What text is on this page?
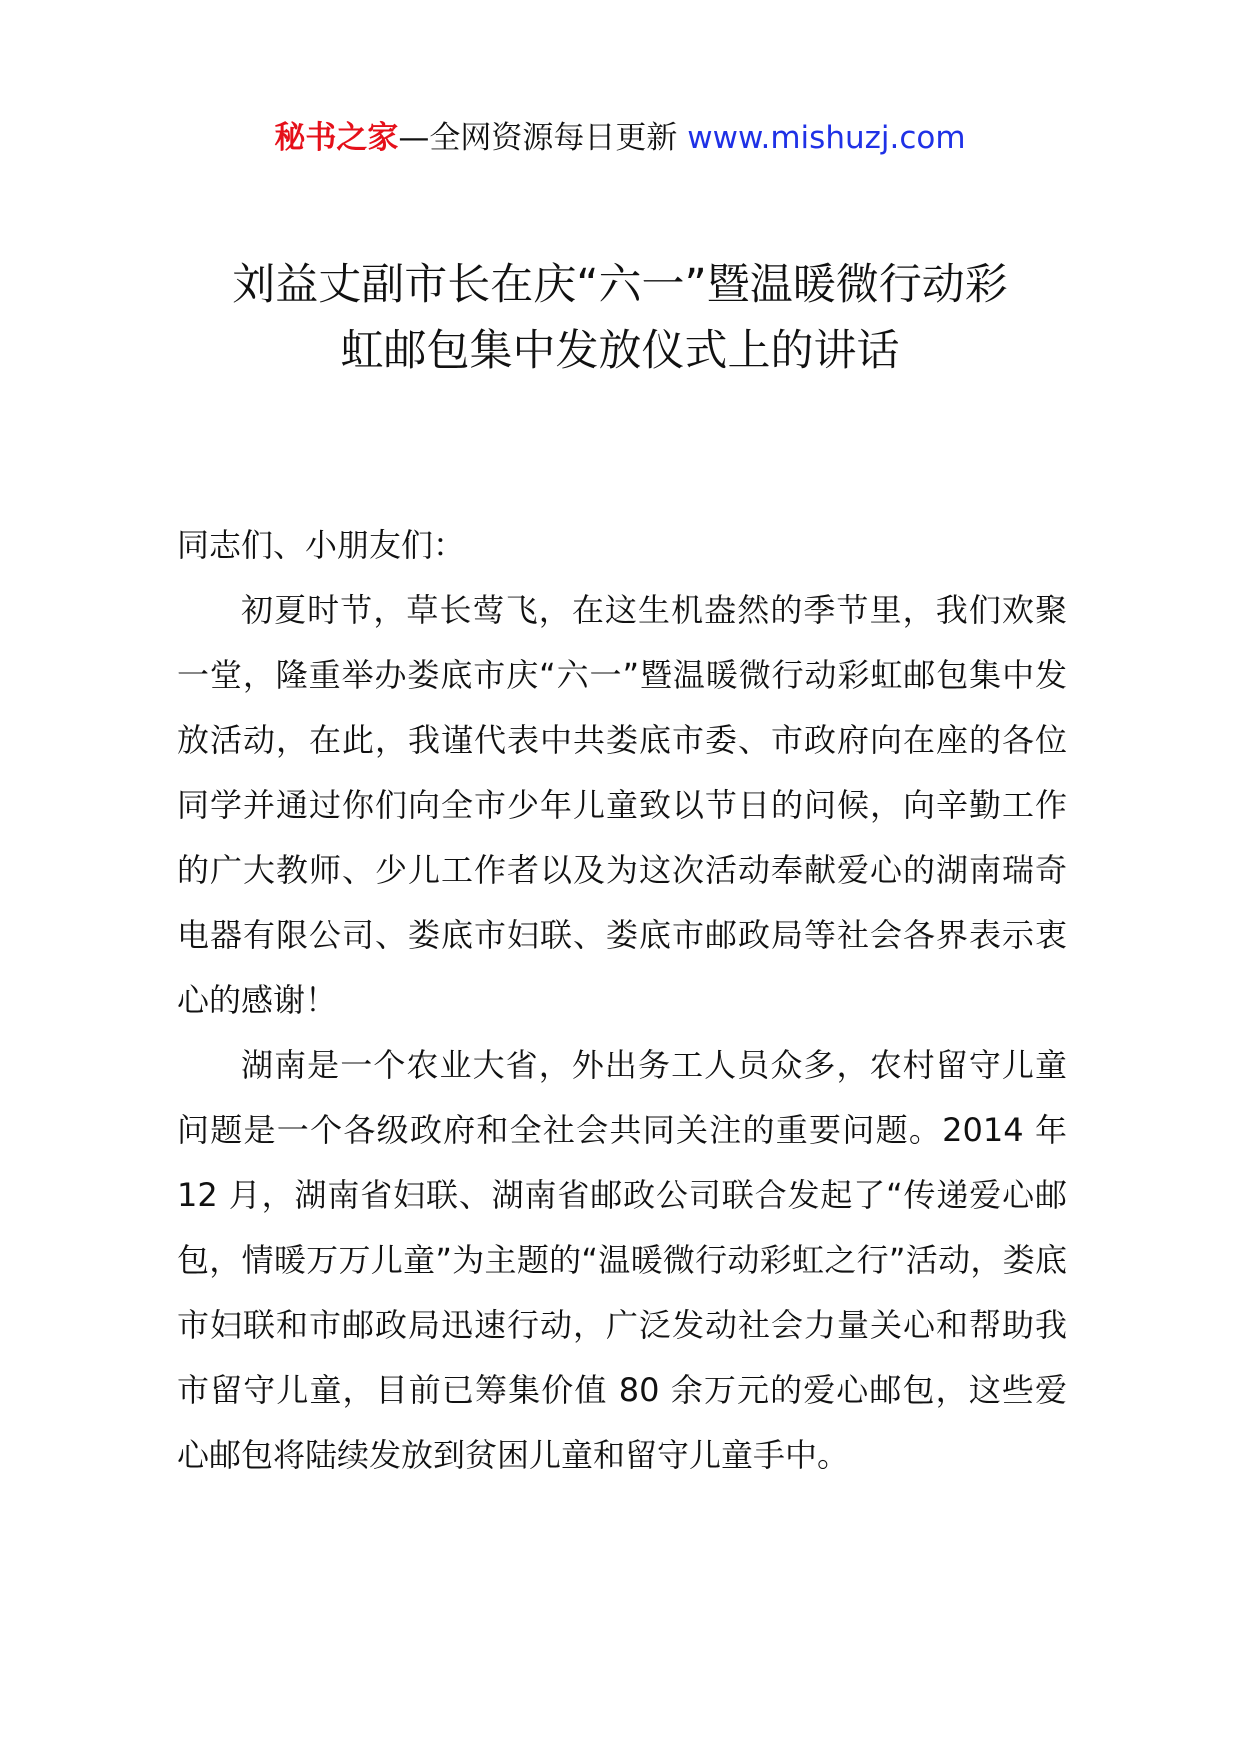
秘书之家—全网资源每日更新 www.mishuzj.com
刘益丈副市长在庆“六一”暨温暖微行动彩
虹邮包集中发放仪式上的讲话

同志们、小朋友们：

初夏时节，草长莺飞，在这生机盎然的季节里，我们欢聚一堂，隆重举办娄底市庆“六一”暨温暖微行动彩虹邮包集中发放活动，在此，我谨代表中共娄底市委、市政府向在座的各位同学并通过你们向全市少年儿童致以节日的问候，向辛勤工作的广大教师、少儿工作者以及为这次活动奉献爱心的湖南瑞奇电器有限公司、娄底市妇联、娄底市邮政局等社会各界表示衷心的感谢！

湖南是一个农业大省，外出务工人员众多，农村留守儿童问题是一个各级政府和全社会共同关注的重要问题。2014 年 12 月，湖南省妇联、湖南省邮政公司联合发起了“传递爱心邮包，情暖万万儿童”为主题的“温暖微行动彩虹之行”活动，娄底市妇联和市邮政局迅速行动，广泛发动社会力量关心和帮助我市留守儿童，目前已筹集价值 80 余万元的爱心邮包，这些爱心邮包将陆续发放到贫困儿童和留守儿童手中。
